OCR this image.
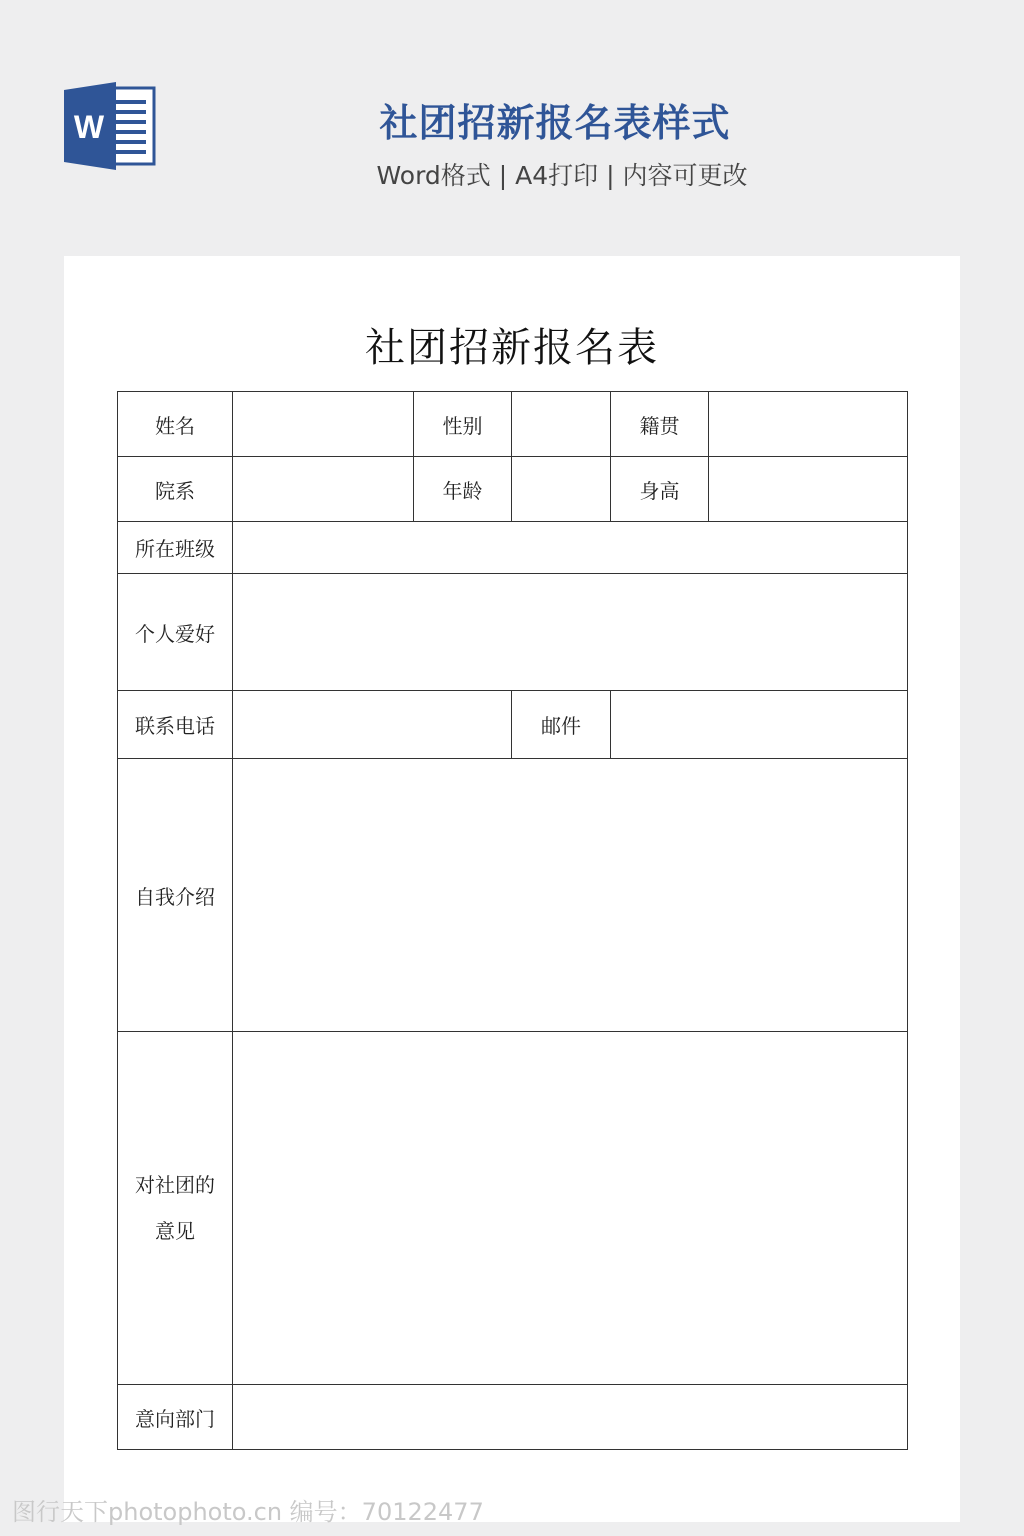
W	社团招新报名表样式
Word格式 | A4打印 | 内容可更改
社团招新报名表
姓名		性别		籍贯	
院系		年龄		身高	
所在班级					
个人爱好					
联系电话			邮件		
自我介绍					

对社团的
意见					

意向部门					
图行天下photophoto.cn 编号：70122477
